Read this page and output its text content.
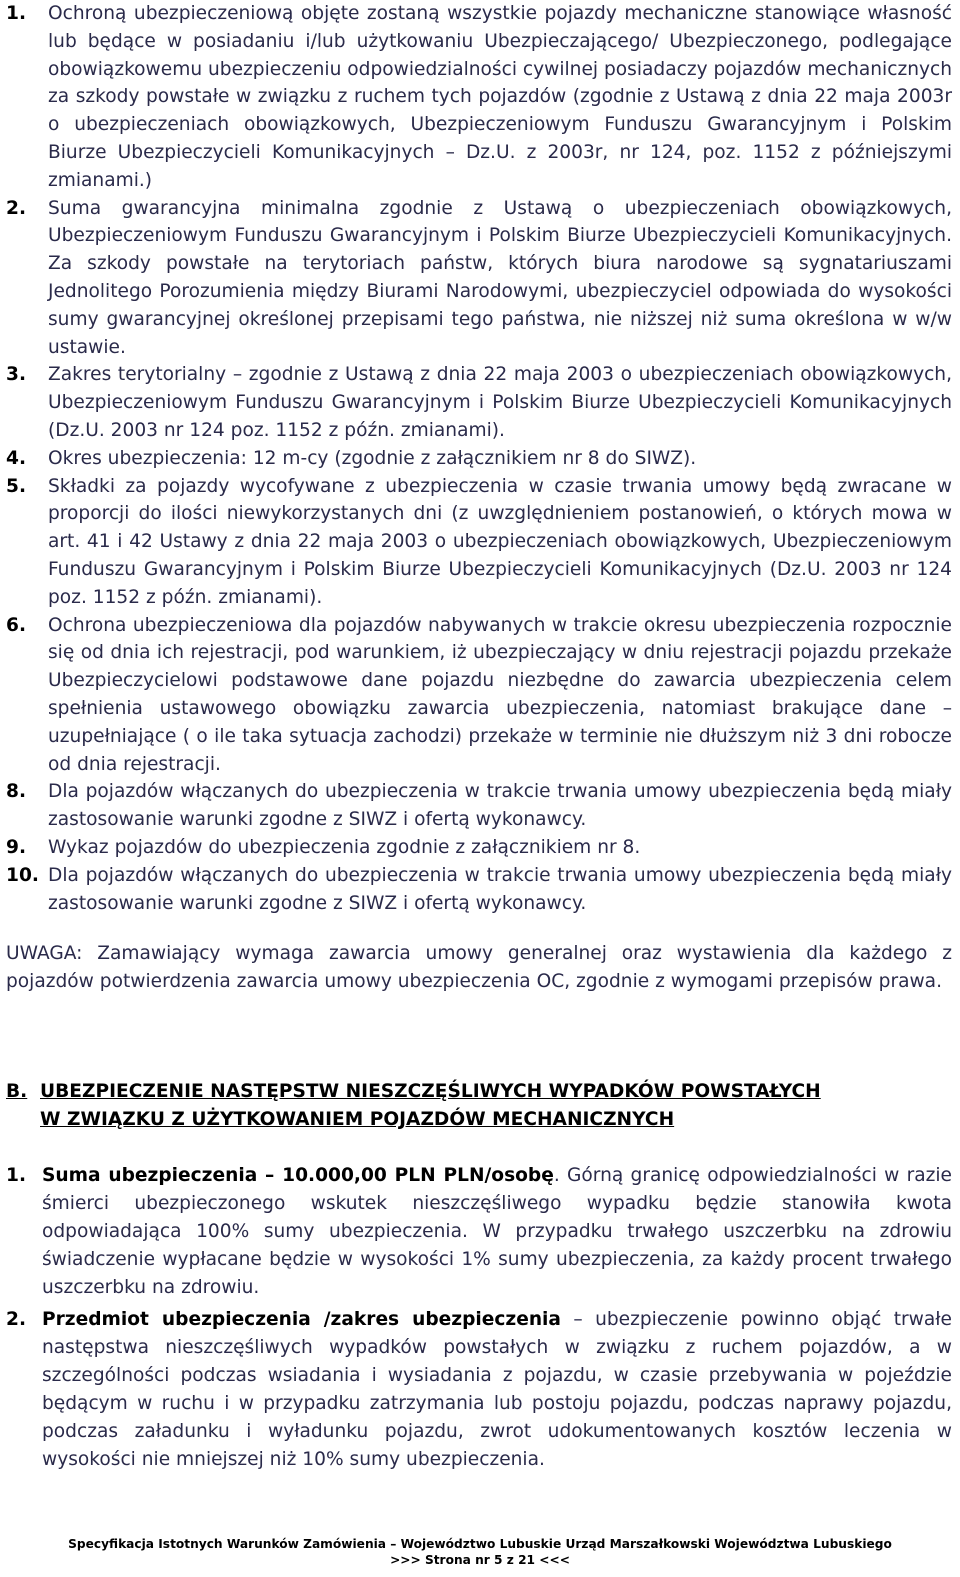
1. Ochroną ubezpieczeniową objęte zostaną wszystkie pojazdy mechaniczne stanowiące własność lub będące w posiadaniu i/lub użytkowaniu Ubezpieczającego/ Ubezpieczonego, podlegające obowiązkowemu ubezpieczeniu odpowiedzialności cywilnej posiadaczy pojazdów mechanicznych za szkody powstałe w związku z ruchem tych pojazdów (zgodnie z Ustawą z dnia 22 maja 2003r o ubezpieczeniach obowiązkowych, Ubezpieczeniowym Funduszu Gwarancyjnym i Polskim Biurze Ubezpieczycieli Komunikacyjnych – Dz.U. z 2003r, nr 124, poz. 1152 z późniejszymi zmianami.)
2. Suma gwarancyjna minimalna zgodnie z Ustawą o ubezpieczeniach obowiązkowych, Ubezpieczeniowym Funduszu Gwarancyjnym i Polskim Biurze Ubezpieczycieli Komunikacyjnych. Za szkody powstałe na terytoriach państw, których biura narodowe są sygnatariuszami Jednolitego Porozumienia między Biurami Narodowymi, ubezpieczyciel odpowiada do wysokości sumy gwarancyjnej określonej przepisami tego państwa, nie niższej niż suma określona w w/w ustawie.
3. Zakres terytorialny – zgodnie z Ustawą z dnia 22 maja 2003 o ubezpieczeniach obowiązkowych, Ubezpieczeniowym Funduszu Gwarancyjnym i Polskim Biurze Ubezpieczycieli Komunikacyjnych (Dz.U. 2003 nr 124 poz. 1152 z późn. zmianami).
4. Okres ubezpieczenia: 12 m-cy (zgodnie z załącznikiem nr 8 do SIWZ).
5. Składki za pojazdy wycofywane z ubezpieczenia w czasie trwania umowy będą zwracane w proporcji do ilości niewykorzystanych dni (z uwzględnieniem postanowień, o których mowa w art. 41 i 42 Ustawy z dnia 22 maja 2003 o ubezpieczeniach obowiązkowych, Ubezpieczeniowym Funduszu Gwarancyjnym i Polskim Biurze Ubezpieczycieli Komunikacyjnych (Dz.U. 2003 nr 124 poz. 1152 z późn. zmianami).
6. Ochrona ubezpieczeniowa dla pojazdów nabywanych w trakcie okresu ubezpieczenia rozpocznie się od dnia ich rejestracji, pod warunkiem, iż ubezpieczający w dniu rejestracji pojazdu przekaże Ubezpieczycielowi podstawowe dane pojazdu niezbędne do zawarcia ubezpieczenia celem spełnienia ustawowego obowiązku zawarcia ubezpieczenia, natomiast brakujące dane – uzupełniające ( o ile taka sytuacja zachodzi) przekaże w terminie nie dłuższym niż 3 dni robocze od dnia rejestracji.
8. Dla pojazdów włączanych do ubezpieczenia w trakcie trwania umowy ubezpieczenia będą miały zastosowanie warunki zgodne z SIWZ i ofertą wykonawcy.
9. Wykaz pojazdów do ubezpieczenia zgodnie z załącznikiem nr 8.
10. Dla pojazdów włączanych do ubezpieczenia w trakcie trwania umowy ubezpieczenia będą miały zastosowanie warunki zgodne z SIWZ i ofertą wykonawcy.
UWAGA: Zamawiający wymaga zawarcia umowy generalnej oraz wystawienia dla każdego z pojazdów potwierdzenia zawarcia umowy ubezpieczenia OC, zgodnie z wymogami przepisów prawa.
B. UBEZPIECZENIE NASTĘPSTW NIESZCZĘŚLIWYCH WYPADKÓW POWSTAŁYCH
W ZWIĄZKU Z UŻYTKOWANIEM POJAZDÓW MECHANICZNYCH
1. Suma ubezpieczenia – 10.000,00 PLN PLN/osobę. Górną granicę odpowiedzialności w razie śmierci ubezpieczonego wskutek nieszczęśliwego wypadku będzie stanowiła kwota odpowiadająca 100% sumy ubezpieczenia. W przypadku trwałego uszczerbku na zdrowiu świadczenie wypłacane będzie w wysokości 1% sumy ubezpieczenia, za każdy procent trwałego uszczerbku na zdrowiu.
2. Przedmiot ubezpieczenia /zakres ubezpieczenia – ubezpieczenie powinno objąć trwałe następstwa nieszczęśliwych wypadków powstałych w związku z ruchem pojazdów, a w szczególności podczas wsiadania i wysiadania z pojazdu, w czasie przebywania w pojeździe będącym w ruchu i w przypadku zatrzymania lub postoju pojazdu, podczas naprawy pojazdu, podczas załadunku i wyładunku pojazdu, zwrot udokumentowanych kosztów leczenia w wysokości nie mniejszej niż 10% sumy ubezpieczenia.
Specyfikacja Istotnych Warunków Zamówienia – Województwo Lubuskie Urząd Marszałkowski Województwa Lubuskiego
>>> Strona nr 5 z 21 <<<
